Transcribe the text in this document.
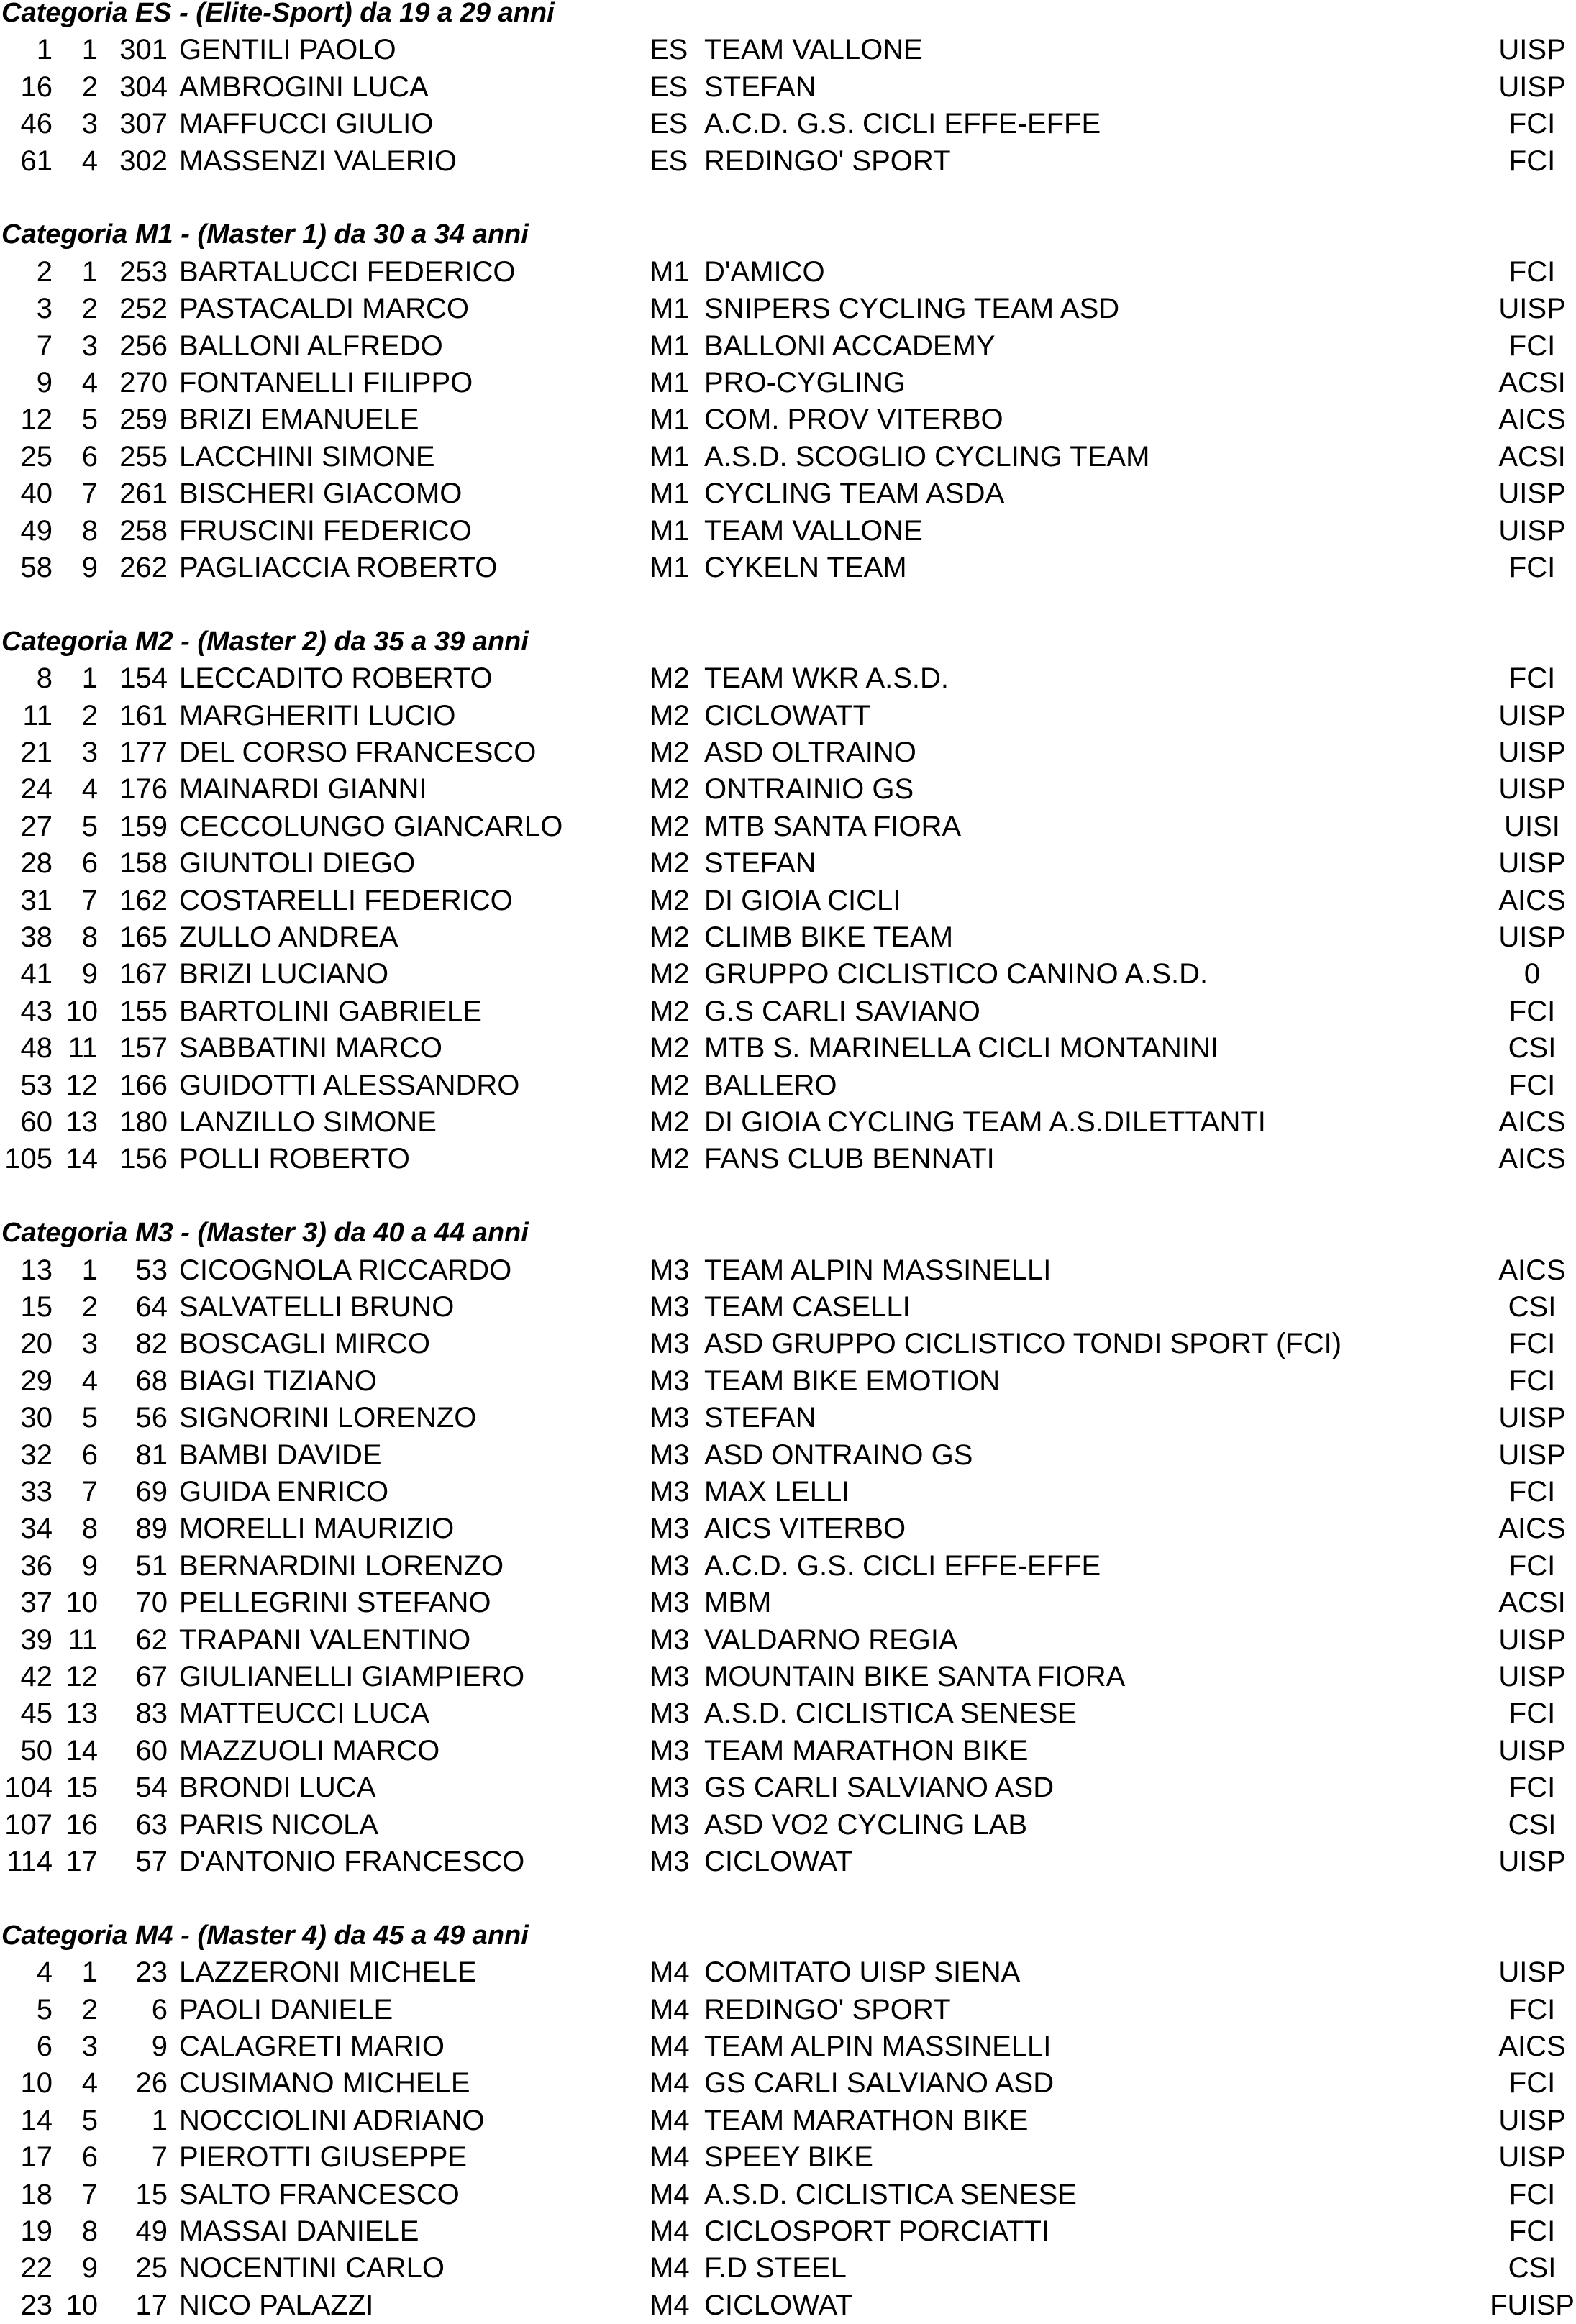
Categoria ES - (Elite-Sport) da 19 a 29 anni
1 1 301 GENTILI PAOLO	ES TEAM VALLONE	UISP
16 2 304 AMBROGINI LUCA	ES STEFAN	UISP
46 3 307 MAFFUCCI GIULIO	ES A.C.D. G.S. CICLI EFFE-EFFE	FCI
61 4 302 MASSENZI VALERIO	ES REDINGO' SPORT	FCI
Categoria M1 - (Master 1) da 30 a 34 anni
2 1 253 BARTALUCCI FEDERICO	M1 D'AMICO	FCI
3 2 252 PASTACALDI MARCO	M1 SNIPERS CYCLING TEAM ASD	UISP
7 3 256 BALLONI ALFREDO	M1 BALLONI ACCADEMY	FCI
9 4 270 FONTANELLI FILIPPO	M1 PRO-CYGLING	ACSI
12 5 259 BRIZI EMANUELE	M1 COM. PROV VITERBO	AICS
25 6 255 LACCHINI SIMONE	M1 A.S.D. SCOGLIO CYCLING TEAM	ACSI
40 7 261 BISCHERI GIACOMO	M1 CYCLING TEAM ASDA	UISP
49 8 258 FRUSCINI FEDERICO	M1 TEAM VALLONE	UISP
58 9 262 PAGLIACCIA ROBERTO	M1 CYKELN TEAM	FCI
Categoria M2 - (Master 2) da 35 a 39 anni
8 1 154 LECCADITO ROBERTO	M2 TEAM WKR A.S.D.	FCI
11 2 161 MARGHERITI LUCIO	M2 CICLOWATT	UISP
21 3 177 DEL CORSO FRANCESCO	M2 ASD OLTRAINO	UISP
24 4 176 MAINARDI GIANNI	M2 ONTRAINIO GS	UISP
27 5 159 CECCOLUNGO GIANCARLO	M2 MTB SANTA FIORA	UISI
28 6 158 GIUNTOLI DIEGO	M2 STEFAN	UISP
31 7 162 COSTARELLI FEDERICO	M2 DI GIOIA CICLI	AICS
38 8 165 ZULLO ANDREA	M2 CLIMB BIKE TEAM	UISP
41 9 167 BRIZI LUCIANO	M2 GRUPPO CICLISTICO CANINO A.S.D.	0
43 10 155 BARTOLINI GABRIELE	M2 G.S CARLI SAVIANO	FCI
48 11 157 SABBATINI MARCO	M2 MTB S. MARINELLA CICLI MONTANINI	CSI
53 12 166 GUIDOTTI ALESSANDRO	M2 BALLERO	FCI
60 13 180 LANZILLO SIMONE	M2 DI GIOIA CYCLING TEAM A.S.DILETTANTI	AICS
105 14 156 POLLI ROBERTO	M2 FANS CLUB BENNATI	AICS
Categoria M3 - (Master 3) da 40 a 44 anni
13 1 53 CICOGNOLA RICCARDO	M3 TEAM ALPIN MASSINELLI	AICS
15 2 64 SALVATELLI BRUNO	M3 TEAM CASELLI	CSI
20 3 82 BOSCAGLI MIRCO	M3 ASD GRUPPO CICLISTICO TONDI SPORT (FCI)	FCI
29 4 68 BIAGI TIZIANO	M3 TEAM BIKE EMOTION	FCI
30 5 56 SIGNORINI LORENZO	M3 STEFAN	UISP
32 6 81 BAMBI DAVIDE	M3 ASD ONTRAINO GS	UISP
33 7 69 GUIDA ENRICO	M3 MAX LELLI	FCI
34 8 89 MORELLI MAURIZIO	M3 AICS VITERBO	AICS
36 9 51 BERNARDINI LORENZO	M3 A.C.D. G.S. CICLI EFFE-EFFE	FCI
37 10 70 PELLEGRINI STEFANO	M3 MBM	ACSI
39 11 62 TRAPANI VALENTINO	M3 VALDARNO REGIA	UISP
42 12 67 GIULIANELLI GIAMPIERO	M3 MOUNTAIN BIKE SANTA FIORA	UISP
45 13 83 MATTEUCCI LUCA	M3 A.S.D. CICLISTICA SENESE	FCI
50 14 60 MAZZUOLI MARCO	M3 TEAM MARATHON BIKE	UISP
104 15 54 BRONDI LUCA	M3 GS CARLI SALVIANO ASD	FCI
107 16 63 PARIS NICOLA	M3 ASD VO2 CYCLING LAB	CSI
114 17 57 D'ANTONIO FRANCESCO	M3 CICLOWAT	UISP
Categoria M4 - (Master 4) da 45 a 49 anni
4 1 23 LAZZERONI MICHELE	M4 COMITATO UISP SIENA	UISP
5 2 6 PAOLI DANIELE	M4 REDINGO' SPORT	FCI
6 3 9 CALAGRETI MARIO	M4 TEAM ALPIN MASSINELLI	AICS
10 4 26 CUSIMANO MICHELE	M4 GS CARLI SALVIANO ASD	FCI
14 5 1 NOCCIOLINI ADRIANO	M4 TEAM MARATHON BIKE	UISP
17 6 7 PIEROTTI GIUSEPPE	M4 SPEEY BIKE	UISP
18 7 15 SALTO FRANCESCO	M4 A.S.D. CICLISTICA SENESE	FCI
19 8 49 MASSAI DANIELE	M4 CICLOSPORT PORCIATTI	FCI
22 9 25 NOCENTINI CARLO	M4 F.D STEEL	CSI
23 10 17 NICO PALAZZI	M4 CICLOWAT	FUISP
